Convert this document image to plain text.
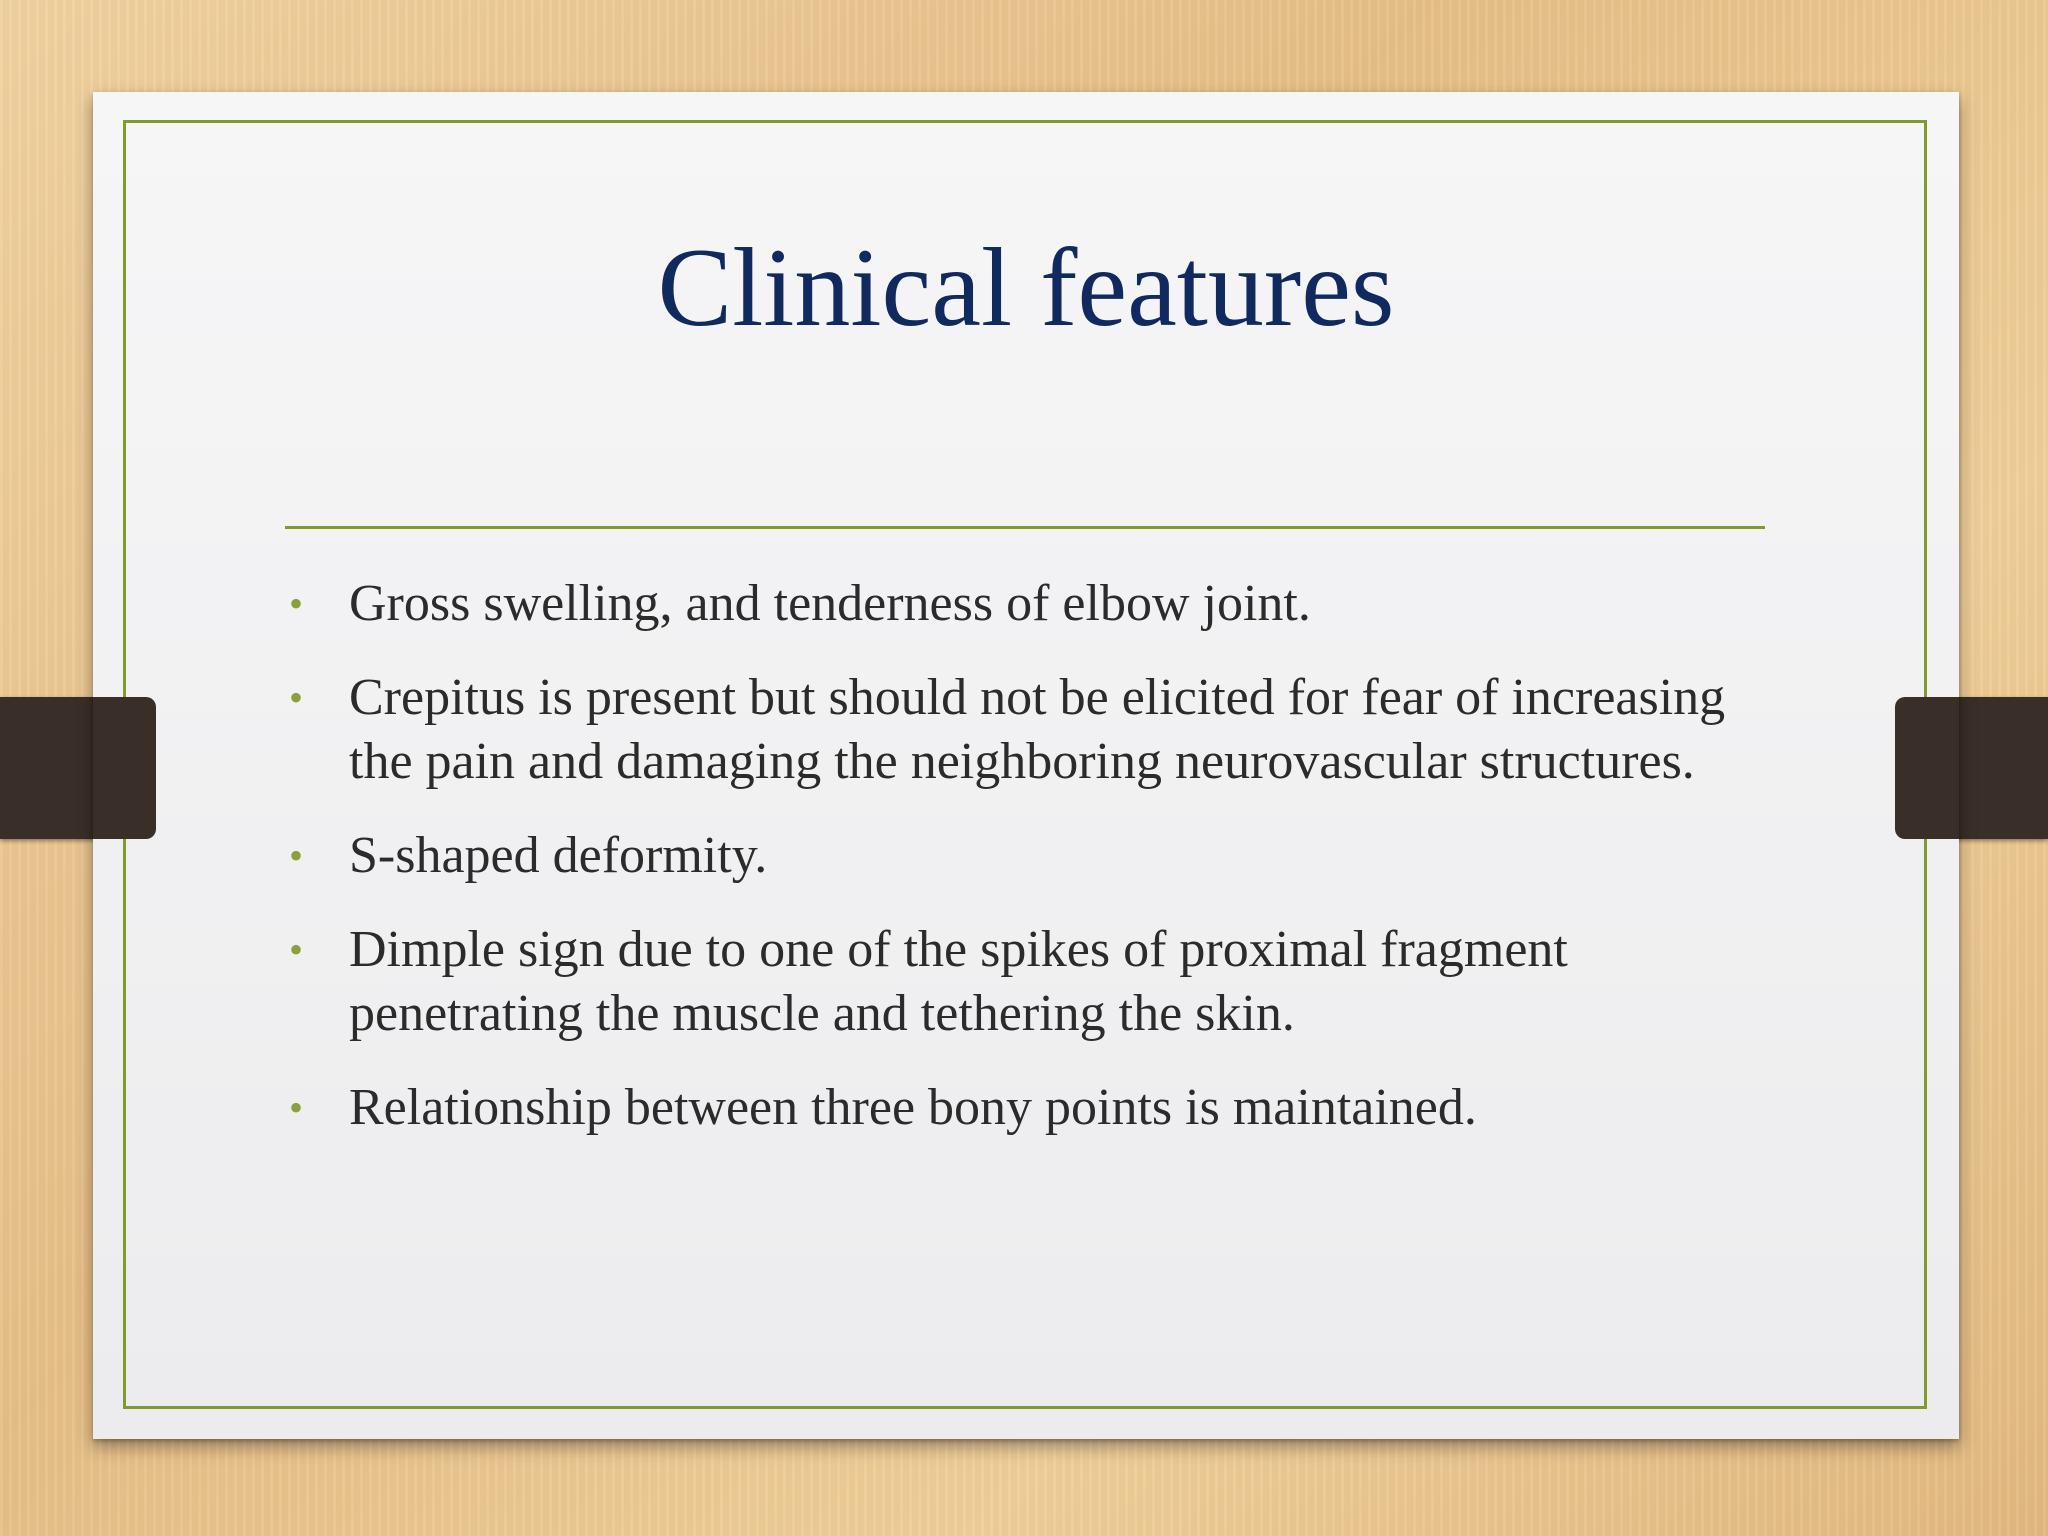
Clinical features
• Gross swelling, and tenderness of elbow joint.
• Crepitus is present but should not be elicited for fear of increasing the pain and damaging the neighboring neurovascular structures.
• S-shaped deformity.
• Dimple sign due to one of the spikes of proximal fragment penetrating the muscle and tethering the skin.
• Relationship between three bony points is maintained.
